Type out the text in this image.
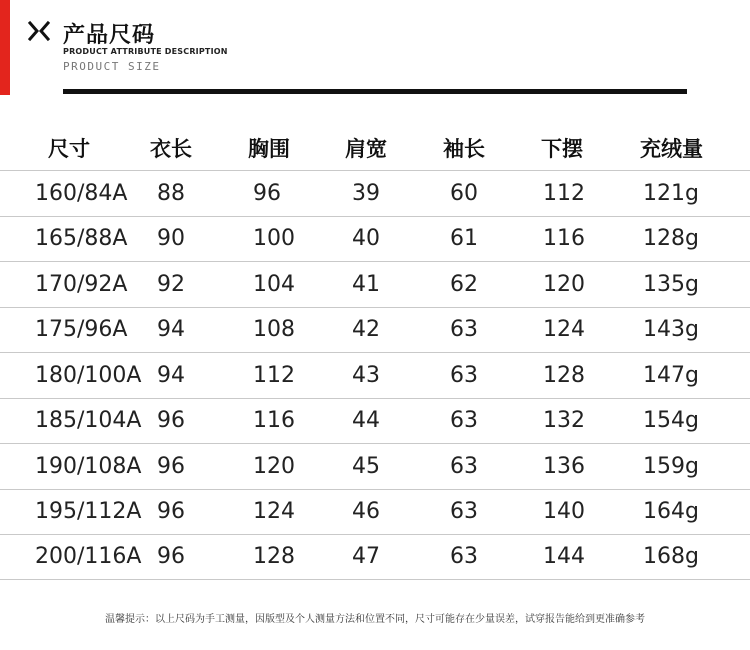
产品尺码
PRODUCT ATTRIBUTE DESCRIPTION
PRODUCT SIZE
尺寸	衣长	胸围	肩宽	袖长	下摆	充绒量
160/84A 88	96	39	60	112	121g
165/88A 90	100	40	61	116	128g
170/92A 92	104	41	62	120	135g
175/96A 94	108	42	63	124	143g
180/100A 94	112	43	63	128	147g
185/104A 96	116	44	63	132	154g
190/108A 96	120	45	63	136	159g
195/112A 96	124	46	63	140	164g
200/116A 96	128	47	63	144	168g
温馨提示：以上尺码为手工测量，因版型及个人测量方法和位置不同，尺寸可能存在少量误差，试穿报告能给到更准确参考
